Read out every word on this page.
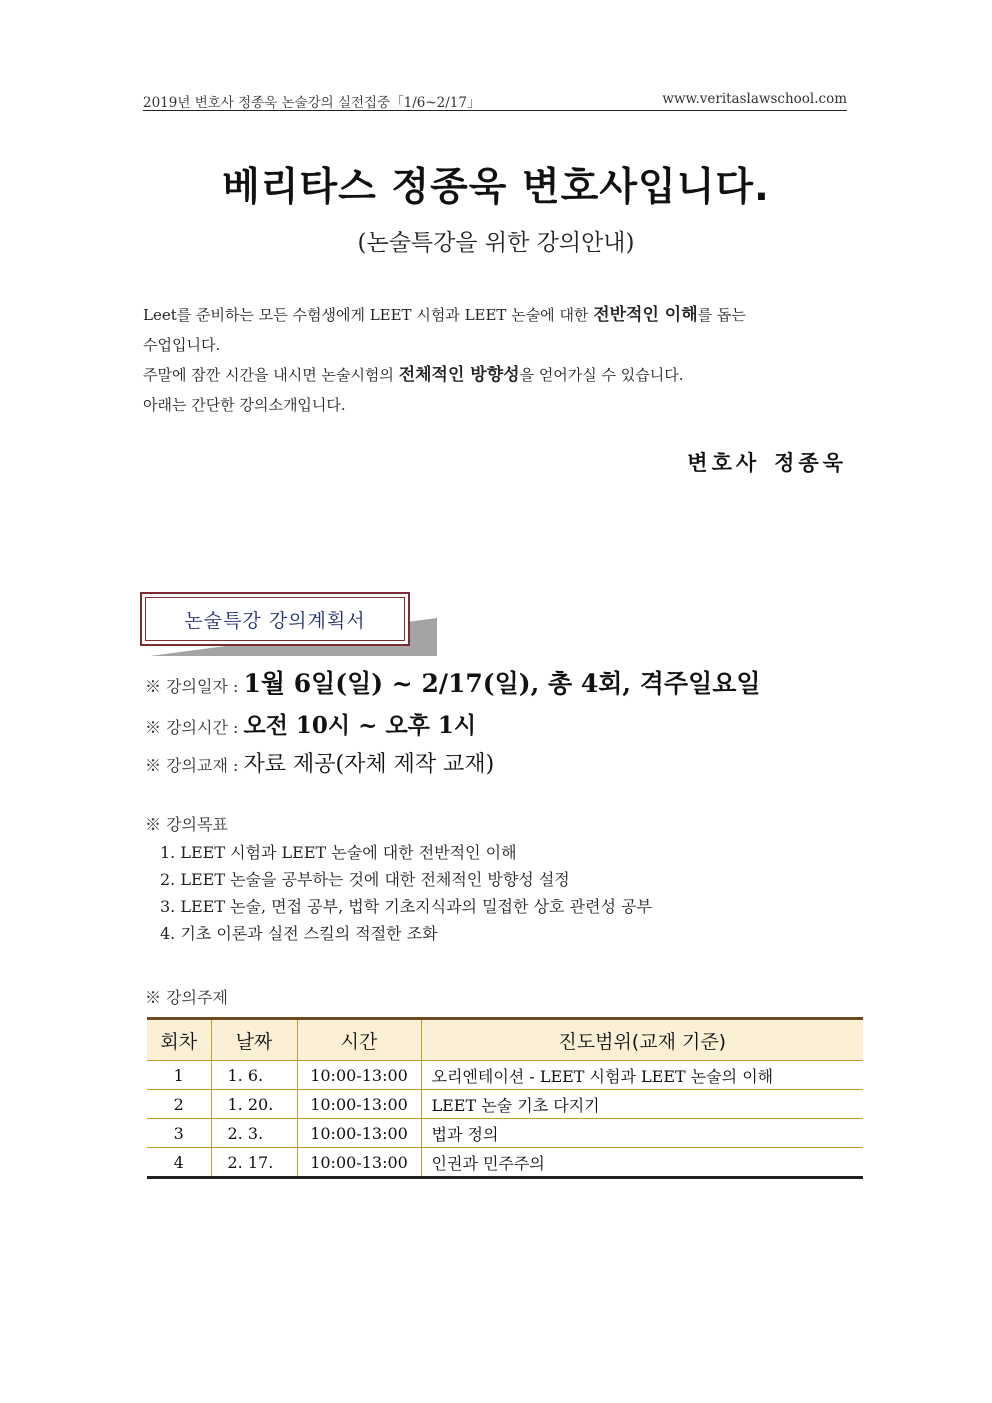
2019년 변호사 정종욱 논술강의 실전집중「1/6~2/17」	www.veritaslawschool.com
베리타스 정종욱 변호사입니다.
(논술특강을 위한 강의안내)

Leet를 준비하는 모든 수험생에게 LEET 시험과 LEET 논술에 대한 전반적인 이해를 돕는

수업입니다.

주말에 잠깐 시간을 내시면 논술시험의 전체적인 방향성을 얻어가실 수 있습니다.

아래는 간단한 강의소개입니다.

변호사 정종욱
논술특강 강의계획서
※ 강의일자 : 1월 6일(일) ~ 2/17(일), 총 4회, 격주일요일
※ 강의시간 : 오전 10시 ~ 오후 1시
※ 강의교재 : 자료 제공(자체 제작 교재)
※ 강의목표
1. LEET 시험과 LEET 논술에 대한 전반적인 이해
2. LEET 논술을 공부하는 것에 대한 전체적인 방향성 설정
3. LEET 논술, 면접 공부, 법학 기초지식과의 밀접한 상호 관련성 공부
4. 기초 이론과 실전 스킬의 적절한 조화
※ 강의주제
회차	날짜	시간	진도범위(교재 기준)
1	1. 6.	10:00-13:00	오리엔테이션 - LEET 시험과 LEET 논술의 이해
2	1. 20.	10:00-13:00	LEET 논술 기초 다지기
3	2. 3.	10:00-13:00	법과 정의
4	2. 17.	10:00-13:00	인권과 민주주의
